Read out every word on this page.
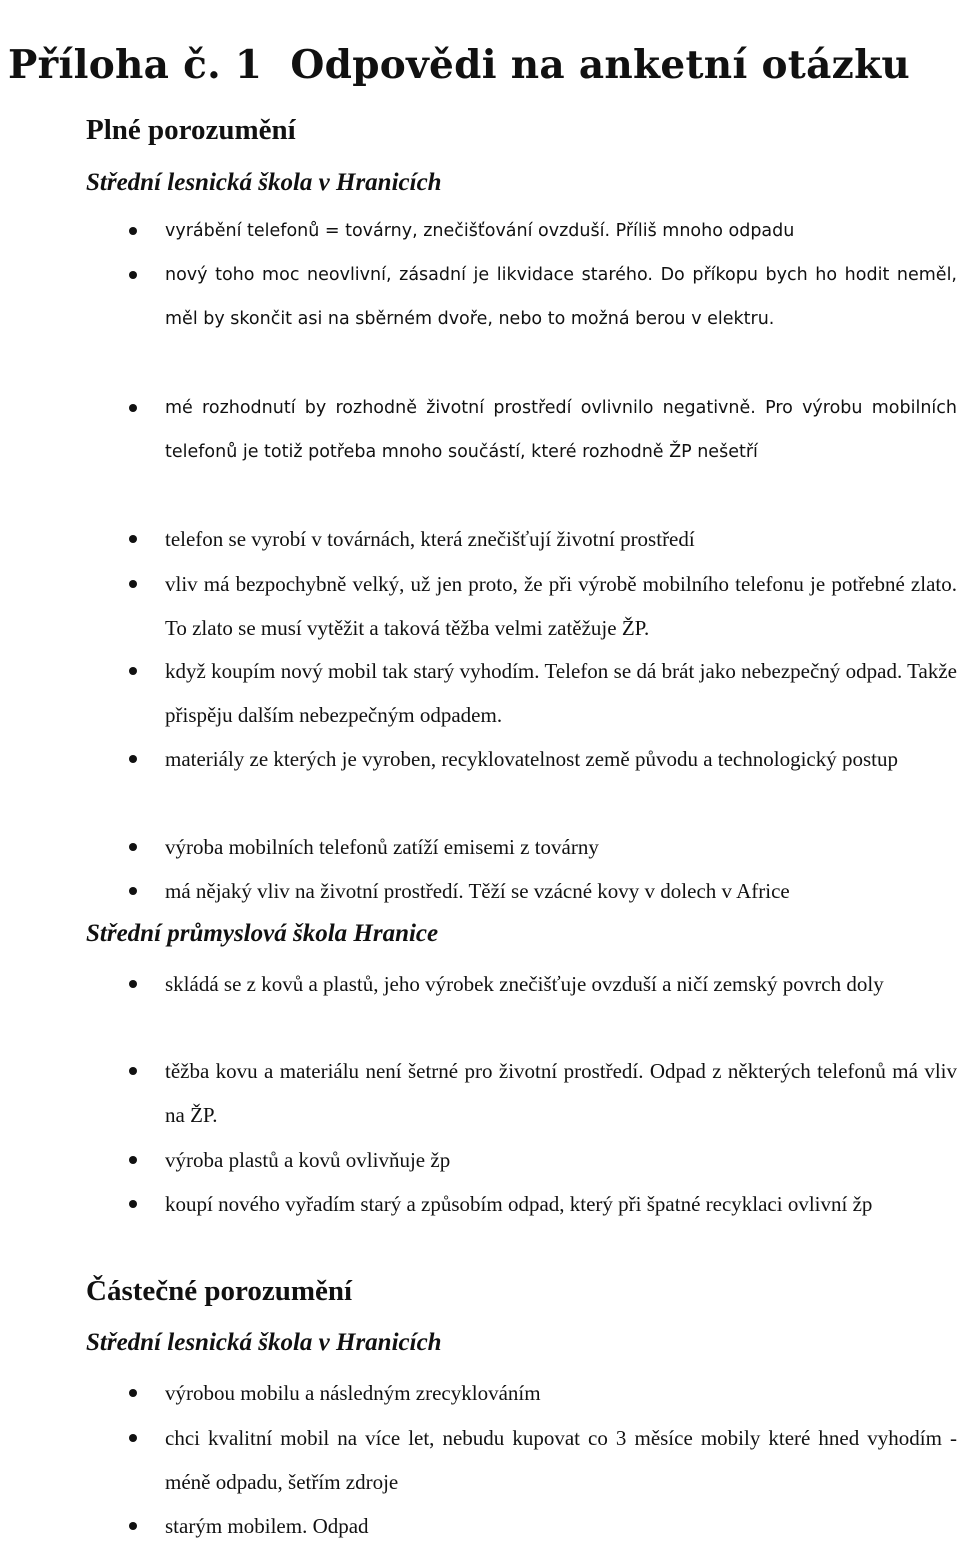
Příloha č. 1 Odpovědi na anketní otázku
Plné porozumění
Střední lesnická škola v Hranicích
vyrábění telefonů = továrny, znečišťování ovzduší. Příliš mnoho odpadu
nový toho moc neovlivní, zásadní je likvidace starého. Do příkopu bych ho hodit neměl, měl by skončit asi na sběrném dvoře, nebo to možná berou v elektru.
mé rozhodnutí by rozhodně životní prostředí ovlivnilo negativně. Pro výrobu mobilních telefonů je totiž potřeba mnoho součástí, které rozhodně ŽP nešetří
telefon se vyrobí v továrnách, která znečišťují životní prostředí
vliv má bezpochybně velký, už jen proto, že při výrobě mobilního telefonu je potřebné zlato. To zlato se musí vytěžit a taková těžba velmi zatěžuje ŽP.
když koupím nový mobil tak starý vyhodím. Telefon se dá brát jako nebezpečný odpad. Takže přispěju dalším nebezpečným odpadem.
materiály ze kterých je vyroben, recyklovatelnost země původu a technologický postup
výroba mobilních telefonů zatíží emisemi z továrny
má nějaký vliv na životní prostředí. Těží se vzácné kovy v dolech v Africe
Střední průmyslová škola Hranice
skládá se z kovů a plastů, jeho výrobek znečišťuje ovzduší a ničí zemský povrch doly
těžba kovu a materiálu není šetrné pro životní prostředí. Odpad z některých telefonů má vliv na ŽP.
výroba plastů a kovů ovlivňuje žp
koupí nového vyřadím starý a způsobím odpad, který při špatné recyklaci ovlivní žp
Částečné porozumění
Střední lesnická škola v Hranicích
výrobou mobilu a následným zrecyklováním
chci kvalitní mobil na více let, nebudu kupovat co 3 měsíce mobily které hned vyhodím - méně odpadu, šetřím zdroje
starým mobilem. Odpad
